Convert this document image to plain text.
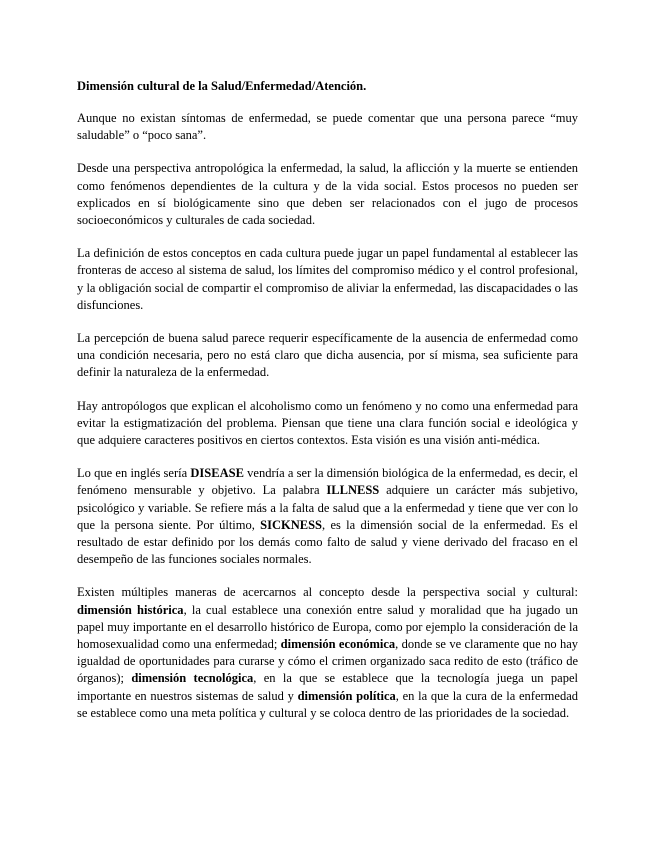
Dimensión cultural de la Salud/Enfermedad/Atención.

Aunque no existan síntomas de enfermedad, se puede comentar que una persona parece “muy saludable” o “poco sana”.

Desde una perspectiva antropológica la enfermedad, la salud, la aflicción y la muerte se entienden como fenómenos dependientes de la cultura y de la vida social. Estos procesos no pueden ser explicados en sí biológicamente sino que deben ser relacionados con el jugo de procesos socioeconómicos y culturales de cada sociedad.

La definición de estos conceptos en cada cultura puede jugar un papel fundamental al establecer las fronteras de acceso al sistema de salud, los límites del compromiso médico y el control profesional, y la obligación social de compartir el compromiso de aliviar la enfermedad, las discapacidades o las disfunciones.

La percepción de buena salud parece requerir específicamente de la ausencia de enfermedad como una condición necesaria, pero no está claro que dicha ausencia, por sí misma, sea suficiente para definir la naturaleza de la enfermedad.

Hay antropólogos que explican el alcoholismo como un fenómeno y no como una enfermedad para evitar la estigmatización del problema. Piensan que tiene una clara función social e ideológica y que adquiere caracteres positivos en ciertos contextos. Esta visión es una visión anti-médica.

Lo que en inglés sería DISEASE vendría a ser la dimensión biológica de la enfermedad, es decir, el fenómeno mensurable y objetivo. La palabra ILLNESS adquiere un carácter más subjetivo, psicológico y variable. Se refiere más a la falta de salud que a la enfermedad y tiene que ver con lo que la persona siente. Por último, SICKNESS, es la dimensión social de la enfermedad. Es el resultado de estar definido por los demás como falto de salud y viene derivado del fracaso en el desempeño de las funciones sociales normales.

Existen múltiples maneras de acercarnos al concepto desde la perspectiva social y cultural: dimensión histórica, la cual establece una conexión entre salud y moralidad que ha jugado un papel muy importante en el desarrollo histórico de Europa, como por ejemplo la consideración de la homosexualidad como una enfermedad; dimensión económica, donde se ve claramente que no hay igualdad de oportunidades para curarse y cómo el crimen organizado saca redito de esto (tráfico de órganos); dimensión tecnológica, en la que se establece que la tecnología juega un papel importante en nuestros sistemas de salud y dimensión política, en la que la cura de la enfermedad se establece como una meta política y cultural y se coloca dentro de las prioridades de la sociedad.
